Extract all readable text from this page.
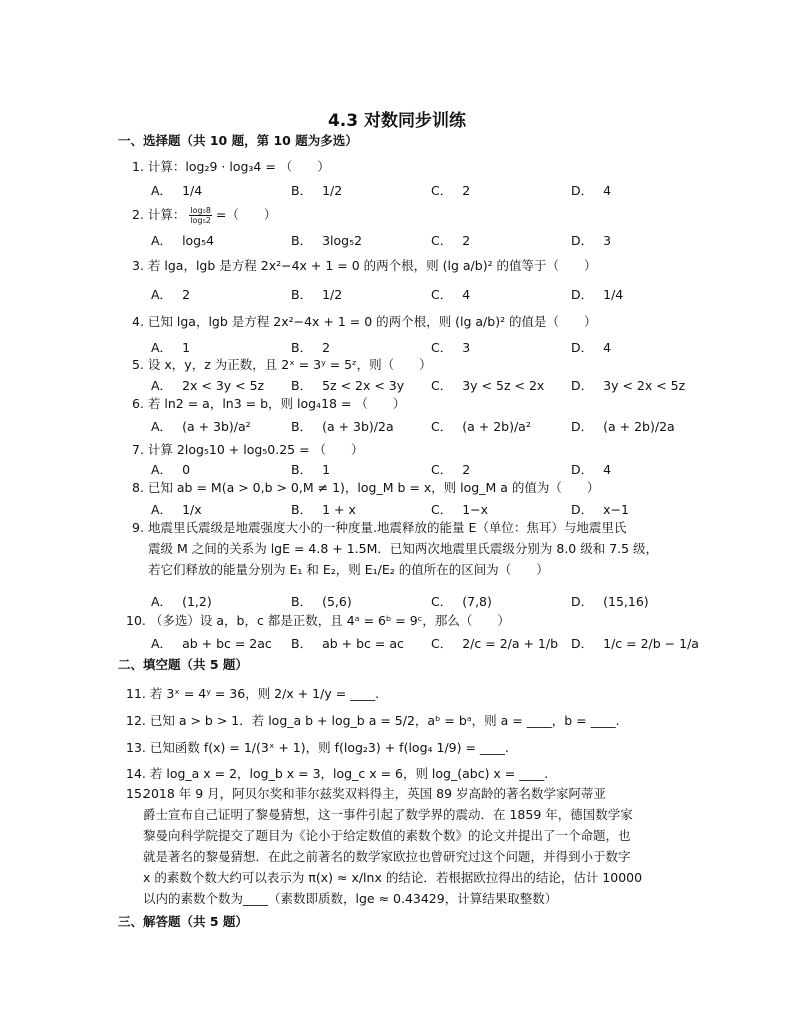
4.3 对数同步训练
一、选择题（共 10 题，第 10 题为多选）
1. 计算：log₂9 · log₃4 = （　　）
A． 1/4	B． 1/2	C． 2	D． 4
2. 计算： $\frac{\text{log₅8}}{\text{log₅2}}$ =（　　）
A． log₅4	B． 3log₅2	C． 2	D． 3
3. 若 lga，lgb 是方程 2x²−4x + 1 = 0 的两个根，则 (lg a/b)² 的值等于（　　）
A． 2	B． 1/2	C． 4	D． 1/4
4. 已知 lga，lgb 是方程 2x²−4x + 1 = 0 的两个根，则 (lg a/b)² 的值是（　　）
A． 1	B． 2	C． 3	D． 4
5. 设 x，y，z 为正数，且 2ˣ = 3ʸ = 5ᶻ，则（　　）
A． 2x < 3y < 5z B． 5z < 2x < 3y C． 3y < 5z < 2x D． 3y < 2x < 5z
6. 若 ln2 = a，ln3 = b，则 log₄18 = （　　）
A． (a + 3b)/a²	B． (a + 3b)/2a	C． (a + 2b)/a²	D． (a + 2b)/2a
7. 计算 2log₅10 + log₅0.25 = （　　）
A． 0	B． 1	C． 2	D． 4
8. 已知 ab = M(a > 0,b > 0,M ≠ 1)，log_M b = x，则 log_M a 的值为（　　）
A． 1/x	B． 1 + x	C． 1−x	D． x−1
9. 地震里氏震级是地震强度大小的一种度量.地震释放的能量 E（单位：焦耳）与地震里氏
震级 M 之间的关系为 lgE = 4.8 + 1.5M．已知两次地震里氏震级分别为 8.0 级和 7.5 级，
若它们释放的能量分别为 E₁ 和 E₂，则 E₁/E₂ 的值所在的区间为（　　）
A． (1,2)	B． (5,6)	C． (7,8)	D． (15,16)
10. （多选）设 a，b，c 都是正数，且 4ᵃ = 6ᵇ = 9ᶜ，那么（　　）
A． ab + bc = 2ac B． ab + bc = ac C． 2/c = 2/a + 1/b D． 1/c = 2/b − 1/a
二、填空题（共 5 题）
11. 若 3ˣ = 4ʸ = 36，则 2/x + 1/y = ____.
12. 已知 a > b > 1．若 log_a b + log_b a = 5/2，aᵇ = bᵃ，则 a = ____，b = ____.
13. 已知函数 f(x) = 1/(3ˣ + 1)，则 f(log₂3) + f(log₄ 1/9) = ____.
14. 若 log_a x = 2，log_b x = 3，log_c x = 6，则 log_(abc) x = ____.
15.
2018 年 9 月，阿贝尔奖和菲尔兹奖双料得主，英国 89 岁高龄的著名数学家阿蒂亚
爵士宣布自己证明了黎曼猜想，这一事件引起了数学界的震动．在 1859 年，德国数学家
黎曼向科学院提交了题目为《论小于给定数值的素数个数》的论文并提出了一个命题，也
就是著名的黎曼猜想．在此之前著名的数学家欧拉也曾研究过这个问题，并得到小于数字
x 的素数个数大约可以表示为 π(x) ≈ x/lnx 的结论．若根据欧拉得出的结论，估计 10000
以内的素数个数为____（素数即质数，lge ≈ 0.43429，计算结果取整数）
三、解答题（共 5 题）
